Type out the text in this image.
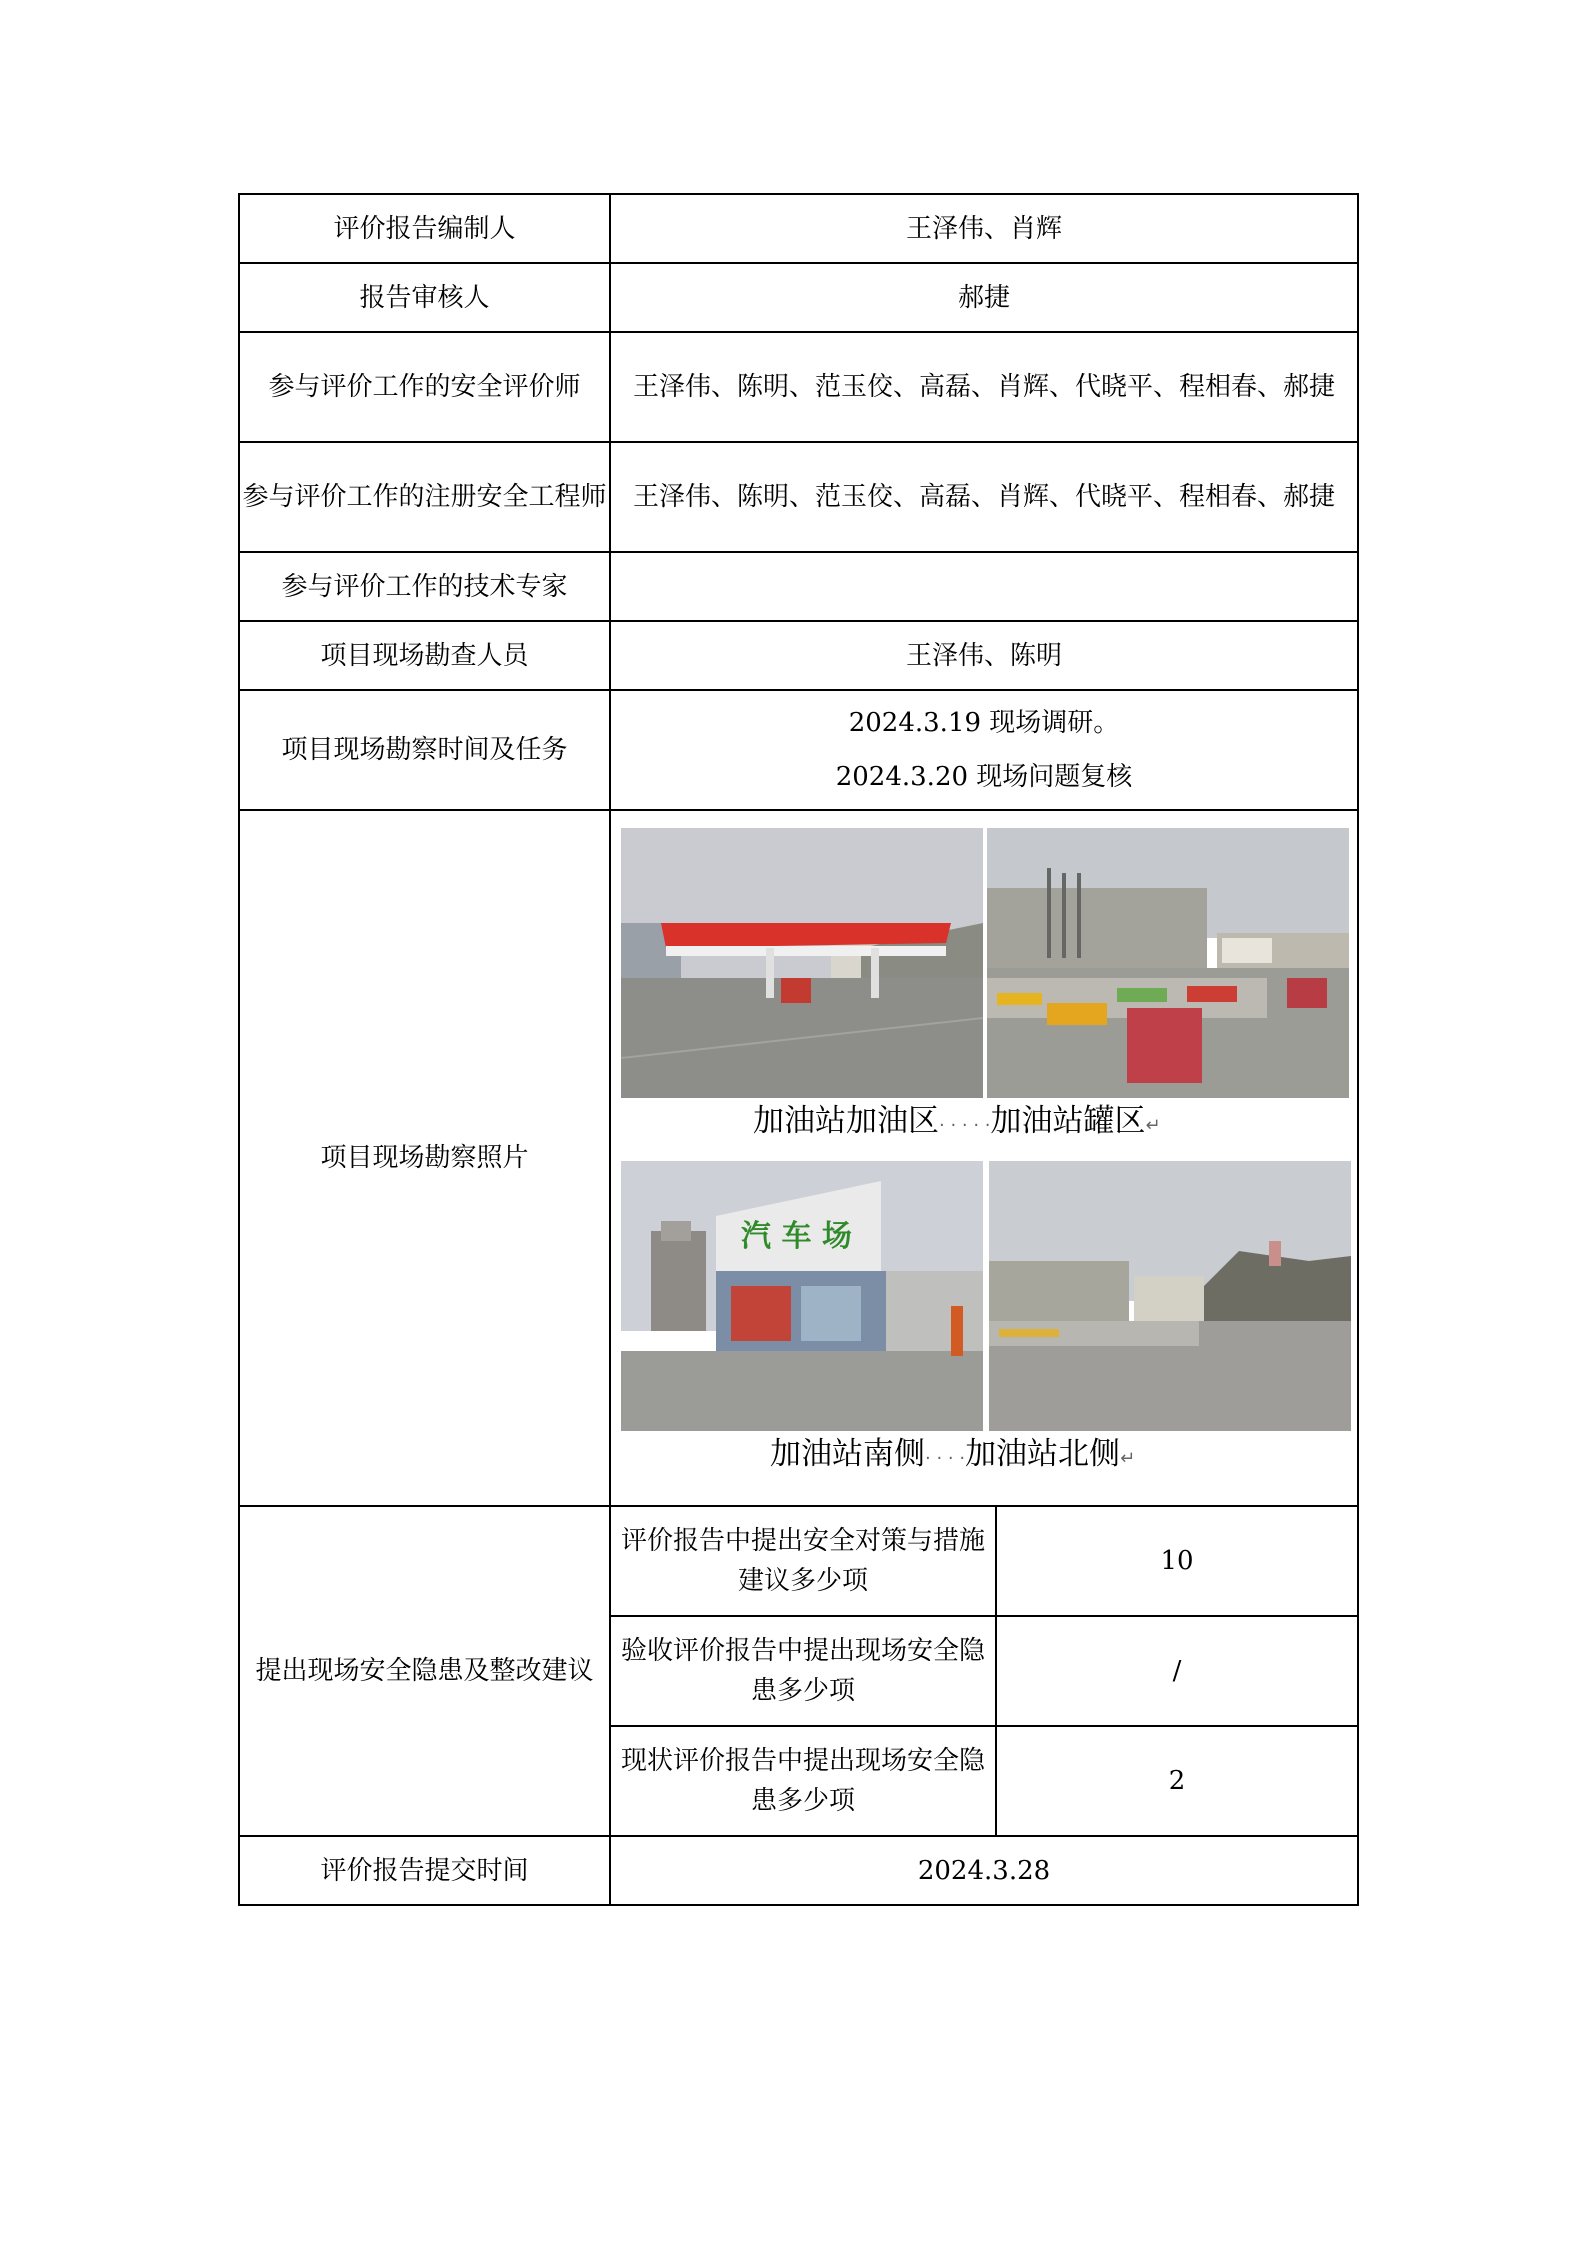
评价报告编制人	王泽伟、肖辉	
报告审核人	郝捷	
参与评价工作的安全评价师	王泽伟、陈明、范玉佼、高磊、肖辉、代晓平、程相春、郝捷	
参与评价工作的注册安全工程师	王泽伟、陈明、范玉佼、高磊、肖辉、代晓平、程相春、郝捷	
参与评价工作的技术专家		
项目现场勘查人员	王泽伟、陈明	
项目现场勘察时间及任务	2024.3.19 现场调研。
2024.3.20 现场问题复核	

项目现场勘察照片	加油站加油区· · · · ·加油站罐区↵
汽 车 场
加油站南侧· · · ·加油站北侧↵	

提出现场安全隐患及整改建议	评价报告中提出安全对策与措施建议多少项	10
	验收评价报告中提出现场安全隐患多少项	/
	现状评价报告中提出现场安全隐患多少项	2
评价报告提交时间	2024.3.28	
